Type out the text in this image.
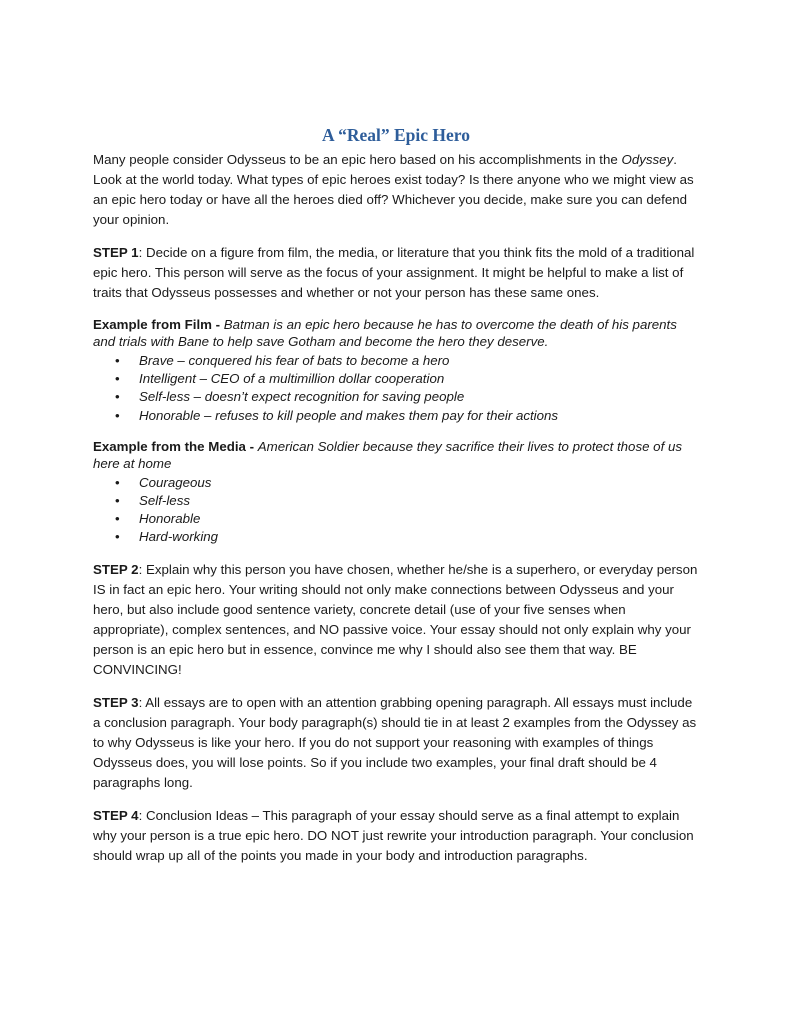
A “Real” Epic Hero

Many people consider Odysseus to be an epic hero based on his accomplishments in the Odyssey. Look at the world today. What types of epic heroes exist today? Is there anyone who we might view as an epic hero today or have all the heroes died off? Whichever you decide, make sure you can defend your opinion.

STEP 1: Decide on a figure from film, the media, or literature that you think fits the mold of a traditional epic hero. This person will serve as the focus of your assignment. It might be helpful to make a list of traits that Odysseus possesses and whether or not your person has these same ones.

Example from Film - Batman is an epic hero because he has to overcome the death of his parents and trials with Bane to help save Gotham and become the hero they deserve.

• Brave – conquered his fear of bats to become a hero
• Intelligent – CEO of a multimillion dollar cooperation
• Self-less – doesn’t expect recognition for saving people
• Honorable – refuses to kill people and makes them pay for their actions

Example from the Media - American Soldier because they sacrifice their lives to protect those of us here at home

• Courageous
• Self-less
• Honorable
• Hard-working

STEP 2: Explain why this person you have chosen, whether he/she is a superhero, or everyday person IS in fact an epic hero. Your writing should not only make connections between Odysseus and your hero, but also include good sentence variety, concrete detail (use of your five senses when appropriate), complex sentences, and NO passive voice. Your essay should not only explain why your person is an epic hero but in essence, convince me why I should also see them that way. BE CONVINCING!

STEP 3: All essays are to open with an attention grabbing opening paragraph. All essays must include a conclusion paragraph. Your body paragraph(s) should tie in at least 2 examples from the Odyssey as to why Odysseus is like your hero. If you do not support your reasoning with examples of things Odysseus does, you will lose points. So if you include two examples, your final draft should be 4 paragraphs long.

STEP 4: Conclusion Ideas – This paragraph of your essay should serve as a final attempt to explain why your person is a true epic hero. DO NOT just rewrite your introduction paragraph. Your conclusion should wrap up all of the points you made in your body and introduction paragraphs.
